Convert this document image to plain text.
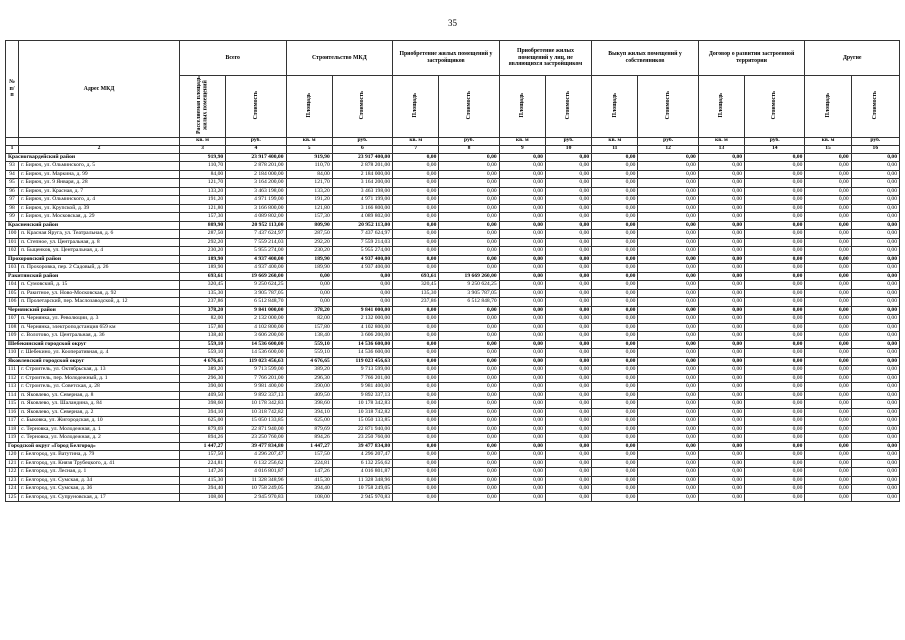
35
№ п/п	Адрес МКД	Всего		Строительство МКД		Приобретение жилых помещений у застройщиков		Приобретение жилых помещений у лиц, не являющихся застройщиком		Выкуп жилых помещений у собственников		Договор о развитии застроенной территории		Другие	
		Расселяемая площадь жилых помещений	Стоимость	Площадь	Стоимость	Площадь	Стоимость	Площадь	Стоимость	Площадь	Стоимость	Площадь	Стоимость	Площадь	Стоимость
		кв. м	руб.	кв. м	руб.	кв. м	руб.	кв. м	руб.	кв. м	руб.	кв. м	руб.	кв. м	руб.
1	2	3	4	5	6	7	8	9	10	11	12	13	14	15	16
Красногвардейский район		919,90	23 917 400,00	919,90	23 917 400,00	0,00	0,00	0,00	0,00	0,00	0,00	0,00	0,00	0,00	0,00
93	г. Бирюч, ул. Ольминского, д. 5	110,70	2 878 201,00	110,70	2 878 201,00	0,00	0,00	0,00	0,00	0,00	0,00	0,00	0,00	0,00	0,00
94	г. Бирюч, ул. Маркина, д. 99	84,00	2 184 000,00	84,00	2 184 000,00	0,00	0,00	0,00	0,00	0,00	0,00	0,00	0,00	0,00	0,00
95	г. Бирюч, ул. 9 Января, д. 28	121,70	3 164 200,00	121,70	3 164 200,00	0,00	0,00	0,00	0,00	0,00	0,00	0,00	0,00	0,00	0,00
96	г. Бирюч, ул. Красная, д. 7	133,20	3 463 198,00	133,20	3 463 198,00	0,00	0,00	0,00	0,00	0,00	0,00	0,00	0,00	0,00	0,00
97	г. Бирюч, ул. Ольминского, д. 4	191,20	4 971 199,00	191,20	4 971 199,00	0,00	0,00	0,00	0,00	0,00	0,00	0,00	0,00	0,00	0,00
98	г. Бирюч, ул. Крупской, д. 39	121,80	3 166 800,00	121,80	3 166 800,00	0,00	0,00	0,00	0,00	0,00	0,00	0,00	0,00	0,00	0,00
99	г. Бирюч, ул. Московская, д. 29	157,30	4 089 802,00	157,30	4 089 802,00	0,00	0,00	0,00	0,00	0,00	0,00	0,00	0,00	0,00	0,00
Красненский район		809,90	20 952 113,00	809,90	20 952 113,00	0,00	0,00	0,00	0,00	0,00	0,00	0,00	0,00	0,00	0,00
100	п. Красная Яруга, ул. Театральная, д. 6	287,50	7 437 624,97	287,50	7 437 624,97	0,00	0,00	0,00	0,00	0,00	0,00	0,00	0,00	0,00	0,00
101	п. Степное, ул. Центральная, д. 8	292,20	7 559 214,03	292,20	7 559 214,03	0,00	0,00	0,00	0,00	0,00	0,00	0,00	0,00	0,00	0,00
102	п. Быценков, ул. Центральная, д. 4	230,20	5 955 274,00	230,20	5 955 274,00	0,00	0,00	0,00	0,00	0,00	0,00	0,00	0,00	0,00	0,00
Прохоровский район		189,90	4 937 400,00	189,90	4 937 400,00	0,00	0,00	0,00	0,00	0,00	0,00	0,00	0,00	0,00	0,00
103	п. Прохоровка, пер. 2 Садовый, д. 26	189,90	4 937 400,00	189,90	4 937 400,00	0,00	0,00	0,00	0,00	0,00	0,00	0,00	0,00	0,00	0,00
Ракитянский район		693,61	19 669 260,00	0,00	0,00	693,61	19 669 260,00	0,00	0,00	0,00	0,00	0,00	0,00	0,00	0,00
104	п. Сумовский, д. 15	320,45	9 250 624,25	0,00	0,00	320,45	9 250 624,25	0,00	0,00	0,00	0,00	0,00	0,00	0,00	0,00
105	п. Ракитное, ул. Ново-Московская, д. 92	135,30	3 905 787,05	0,00	0,00	135,30	3 905 787,05	0,00	0,00	0,00	0,00	0,00	0,00	0,00	0,00
106	п. Пролетарский, пер. Маслозаводской, д. 12	237,86	6 512 848,70	0,00	0,00	237,86	6 512 848,70	0,00	0,00	0,00	0,00	0,00	0,00	0,00	0,00
Чернянский район		378,20	9 841 000,00	378,20	9 841 000,00	0,00	0,00	0,00	0,00	0,00	0,00	0,00	0,00	0,00	0,00
107	п. Чернянка, ул. Революции, д. 3	82,00	2 132 000,00	82,00	2 132 000,00	0,00	0,00	0,00	0,00	0,00	0,00	0,00	0,00	0,00	0,00
108	п. Чернянка, электроподстанция 659 км	157,80	4 102 800,00	157,80	4 102 800,00	0,00	0,00	0,00	0,00	0,00	0,00	0,00	0,00	0,00	0,00
109	с. Волотово, ул. Центральная, д. 36	138,40	3 606 200,00	138,40	3 606 200,00	0,00	0,00	0,00	0,00	0,00	0,00	0,00	0,00	0,00	0,00
Шебекинский городской округ		559,10	14 536 600,00	559,10	14 536 600,00	0,00	0,00	0,00	0,00	0,00	0,00	0,00	0,00	0,00	0,00
110	г. Шебекино, ул. Кооперативная, д. 4	559,10	14 536 600,00	559,10	14 536 600,00	0,00	0,00	0,00	0,00	0,00	0,00	0,00	0,00	0,00	0,00
Яковлевский городской округ		4 676,65	119 023 456,63	4 676,65	119 023 456,63	0,00	0,00	0,00	0,00	0,00	0,00	0,00	0,00	0,00	0,00
111	г. Строитель, ул. Октябрьская, д. 13	389,20	9 713 599,00	389,20	9 713 599,00	0,00	0,00	0,00	0,00	0,00	0,00	0,00	0,00	0,00	0,00
112	г. Строитель, пер. Молодежный, д. 1	296,30	7 766 201,00	296,30	7 766 201,00	0,00	0,00	0,00	0,00	0,00	0,00	0,00	0,00	0,00	0,00
113	г. Строитель, ул. Советская, д. 28	390,00	9 981 400,00	390,00	9 981 400,00	0,00	0,00	0,00	0,00	0,00	0,00	0,00	0,00	0,00	0,00
114	п. Яковлево, ул. Северная, д. 8	409,50	9 892 337,13	409,50	9 892 337,13	0,00	0,00	0,00	0,00	0,00	0,00	0,00	0,00	0,00	0,00
115	п. Яковлево, ул. Шаландина, д. 84	398,60	10 178 342,83	398,60	10 178 342,83	0,00	0,00	0,00	0,00	0,00	0,00	0,00	0,00	0,00	0,00
116	п. Яковлево, ул. Северная, д. 2	394,10	10 318 742,82	394,10	10 318 742,82	0,00	0,00	0,00	0,00	0,00	0,00	0,00	0,00	0,00	0,00
117	с. Быковка, ул. Жигородская, д. 10	625,00	15 050 133,85	625,00	15 050 133,85	0,00	0,00	0,00	0,00	0,00	0,00	0,00	0,00	0,00	0,00
118	с. Терновка, ул. Молодежная, д. 1	879,69	22 871 940,00	879,69	22 871 940,00	0,00	0,00	0,00	0,00	0,00	0,00	0,00	0,00	0,00	0,00
119	с. Терновка, ул. Молодежная, д. 2	894,26	23 250 760,00	894,26	23 250 760,00	0,00	0,00	0,00	0,00	0,00	0,00	0,00	0,00	0,00	0,00
Городской округ «Город Белгород»		1 447,27	39 477 834,80	1 447,27	39 477 834,80	0,00	0,00	0,00	0,00	0,00	0,00	0,00	0,00	0,00	0,00
120	г. Белгород, ул. Ватутина, д. 79	157,50	4 296 207,47	157,50	4 296 207,47	0,00	0,00	0,00	0,00	0,00	0,00	0,00	0,00	0,00	0,00
121	г. Белгород, ул. Князя Трубецкого, д. 41	224,81	6 132 256,62	224,81	6 132 256,62	0,00	0,00	0,00	0,00	0,00	0,00	0,00	0,00	0,00	0,00
122	г. Белгород, ул. Лесная, д. 1	147,26	4 016 801,87	147,26	4 016 801,87	0,00	0,00	0,00	0,00	0,00	0,00	0,00	0,00	0,00	0,00
123	г. Белгород, ул. Сумская, д. 34	415,30	11 328 348,96	415,30	11 328 348,96	0,00	0,00	0,00	0,00	0,00	0,00	0,00	0,00	0,00	0,00
124	г. Белгород, ул. Сумская, д. 36	394,40	10 758 249,05	394,40	10 758 249,05	0,00	0,00	0,00	0,00	0,00	0,00	0,00	0,00	0,00	0,00
125	г. Белгород, ул. Супруновская, д. 17	108,00	2 945 970,83	108,00	2 945 970,83	0,00	0,00	0,00	0,00	0,00	0,00	0,00	0,00	0,00	0,00
